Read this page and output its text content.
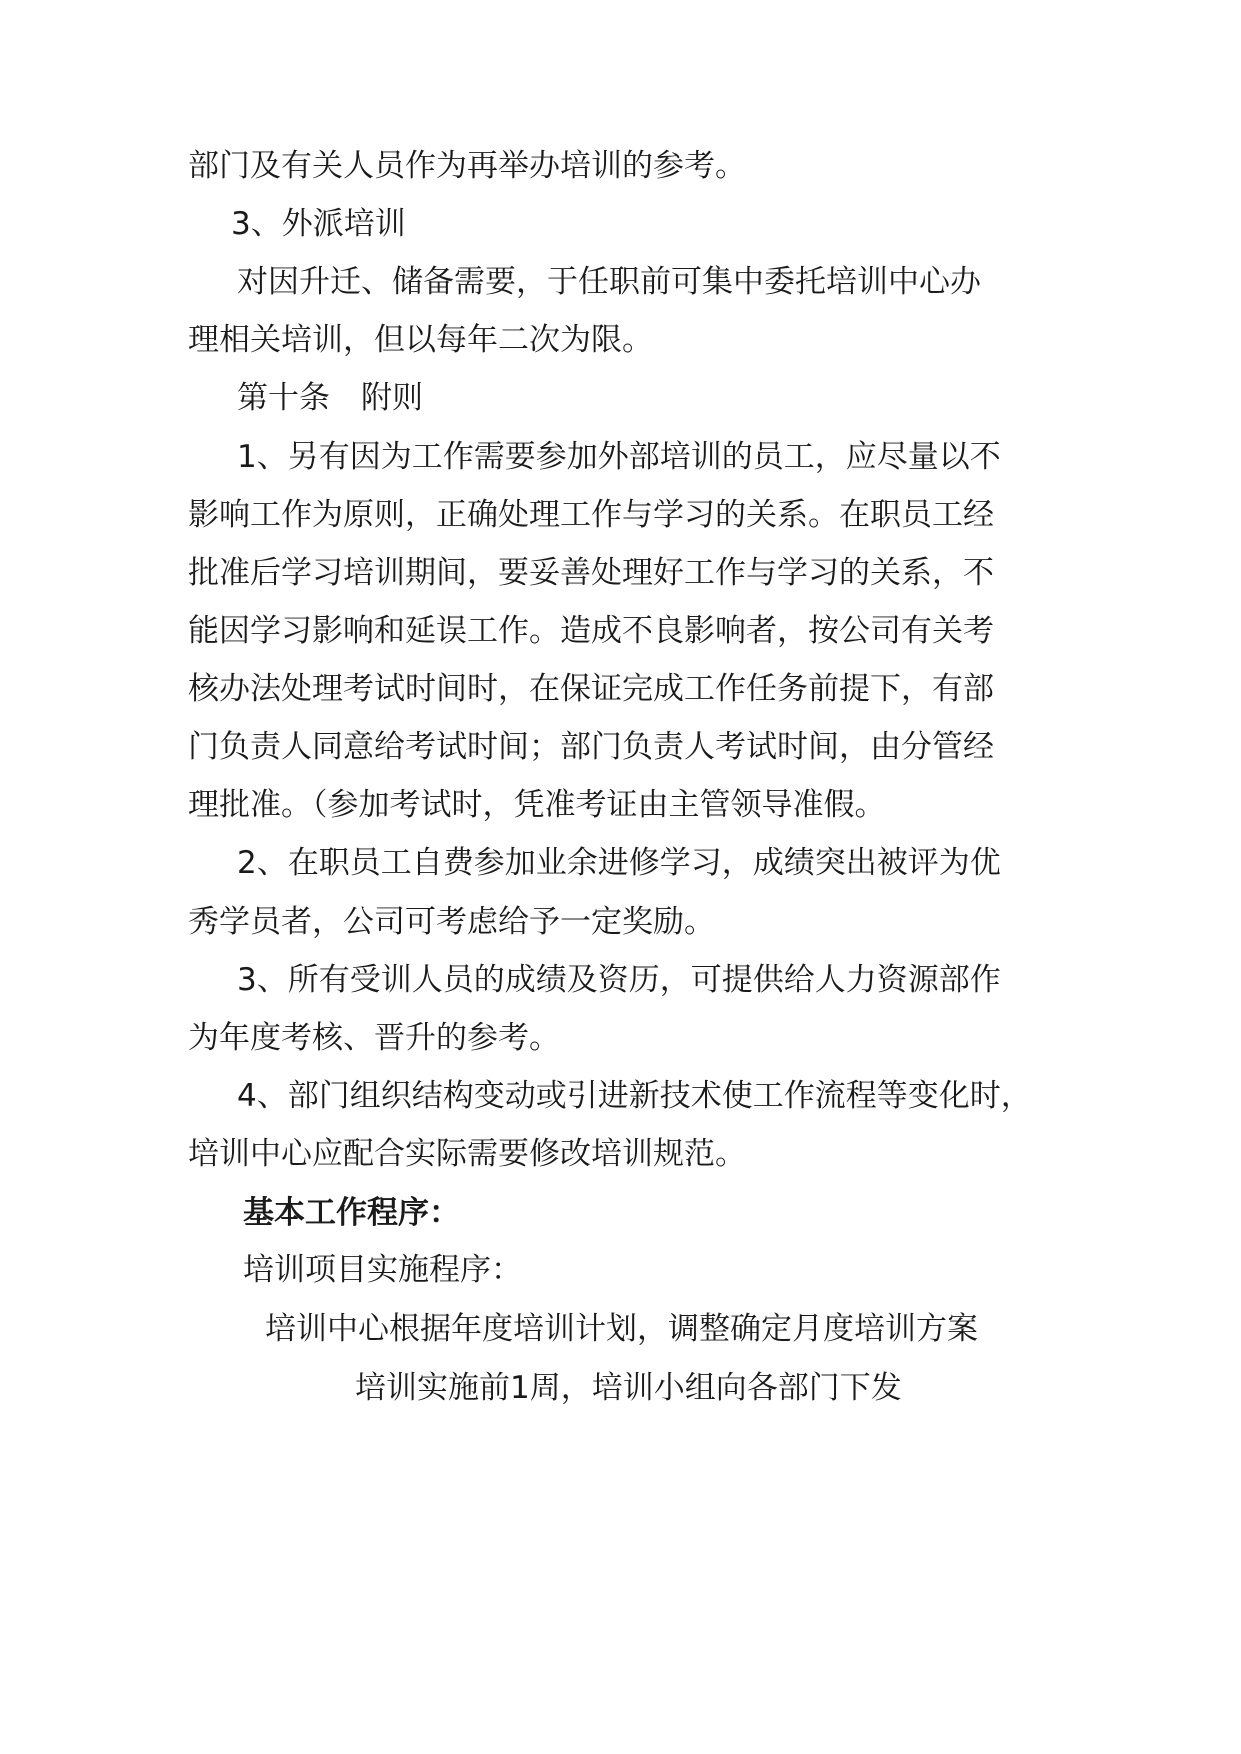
部门及有关人员作为再举办培训的参考。

3、外派培训

对因升迁、储备需要，于任职前可集中委托培训中心办

理相关培训，但以每年二次为限。

第十条　附则

1、另有因为工作需要参加外部培训的员工，应尽量以不

影响工作为原则，正确处理工作与学习的关系。在职员工经

批准后学习培训期间，要妥善处理好工作与学习的关系，不

能因学习影响和延误工作。造成不良影响者，按公司有关考

核办法处理考试时间时，在保证完成工作任务前提下，有部

门负责人同意给考试时间；部门负责人考试时间，由分管经

理批准。（参加考试时，凭准考证由主管领导准假。

2、在职员工自费参加业余进修学习，成绩突出被评为优

秀学员者，公司可考虑给予一定奖励。

3、所有受训人员的成绩及资历，可提供给人力资源部作

为年度考核、晋升的参考。

4、部门组织结构变动或引进新技术使工作流程等变化时，

培训中心应配合实际需要修改培训规范。

基本工作程序：

培训项目实施程序：

培训中心根据年度培训计划，调整确定月度培训方案

培训实施前1周，培训小组向各部门下发
